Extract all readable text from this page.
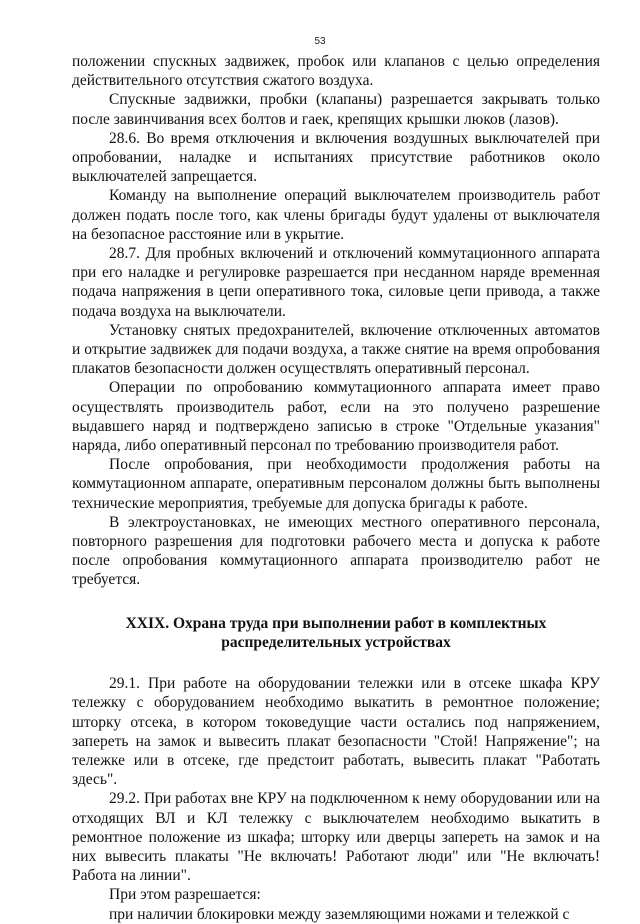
53

положении спускных задвижек, пробок или клапанов с целью определения действительного отсутствия сжатого воздуха.

Спускные задвижки, пробки (клапаны) разрешается закрывать только после завинчивания всех болтов и гаек, крепящих крышки люков (лазов).

28.6. Во время отключения и включения воздушных выключателей при опробовании, наладке и испытаниях присутствие работников около выключателей запрещается.

Команду на выполнение операций выключателем производитель работ должен подать после того, как члены бригады будут удалены от выключателя на безопасное расстояние или в укрытие.

28.7. Для пробных включений и отключений коммутационного аппарата при его наладке и регулировке разрешается при несданном наряде временная подача напряжения в цепи оперативного тока, силовые цепи привода, а также подача воздуха на выключатели.

Установку снятых предохранителей, включение отключенных автоматов и открытие задвижек для подачи воздуха, а также снятие на время опробования плакатов безопасности должен осуществлять оперативный персонал.

Операции по опробованию коммутационного аппарата имеет право осуществлять производитель работ, если на это получено разрешение выдавшего наряд и подтверждено записью в строке "Отдельные указания" наряда, либо оперативный персонал по требованию производителя работ.

После опробования, при необходимости продолжения работы на коммутационном аппарате, оперативным персоналом должны быть выполнены технические мероприятия, требуемые для допуска бригады к работе.

В электроустановках, не имеющих местного оперативного персонала, повторного разрешения для подготовки рабочего места и допуска к работе после опробования коммутационного аппарата производителю работ не требуется.

XXIX. Охрана труда при выполнении работ в комплектных
распределительных устройствах

29.1. При работе на оборудовании тележки или в отсеке шкафа КРУ тележку с оборудованием необходимо выкатить в ремонтное положение; шторку отсека, в котором токоведущие части остались под напряжением, запереть на замок и вывесить плакат безопасности "Стой! Напряжение"; на тележке или в отсеке, где предстоит работать, вывесить плакат "Работать здесь".

29.2. При работах вне КРУ на подключенном к нему оборудовании или на отходящих ВЛ и КЛ тележку с выключателем необходимо выкатить в ремонтное положение из шкафа; шторку или дверцы запереть на замок и на них вывесить плакаты "Не включать! Работают люди" или "Не включать! Работа на линии".

При этом разрешается:

при наличии блокировки между заземляющими ножами и тележкой с
